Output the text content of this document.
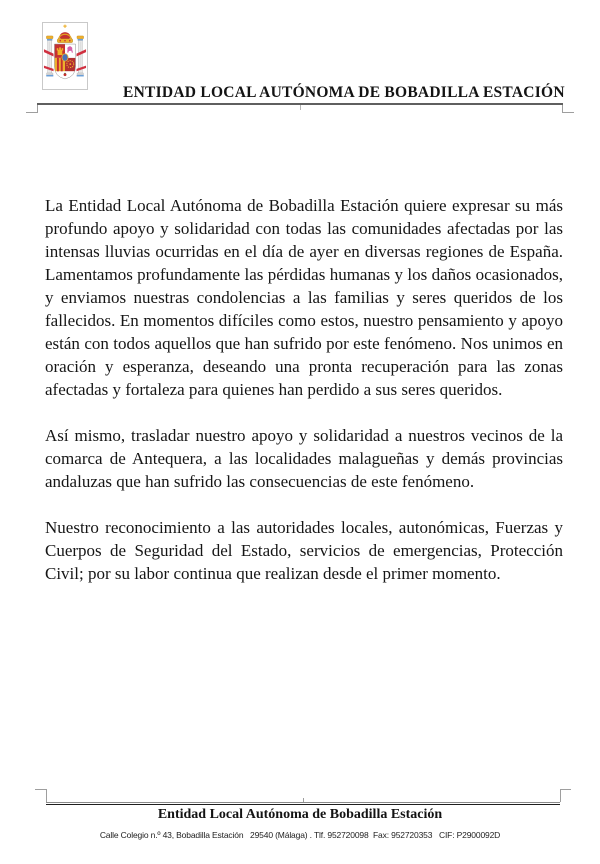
ENTIDAD LOCAL AUTÓNOMA DE BOBADILLA ESTACIÓN

La Entidad Local Autónoma de Bobadilla Estación quiere expresar su más profundo apoyo y solidaridad con todas las comunidades afectadas por las intensas lluvias ocurridas en el día de ayer en diversas regiones de España. Lamentamos profundamente las pérdidas humanas y los daños ocasionados, y enviamos nuestras condolencias a las familias y seres queridos de los fallecidos. En momentos difíciles como estos, nuestro pensamiento y apoyo están con todos aquellos que han sufrido por este fenómeno. Nos unimos en oración y esperanza, deseando una pronta recuperación para las zonas afectadas y fortaleza para quienes han perdido a sus seres queridos.

Así mismo, trasladar nuestro apoyo y solidaridad a nuestros vecinos de la comarca de Antequera, a las localidades malagueñas y demás provincias andaluzas que han sufrido las consecuencias de este fenómeno.

Nuestro reconocimiento a las autoridades locales, autonómicas, Fuerzas y Cuerpos de Seguridad del Estado, servicios de emergencias, Protección Civil; por su labor continua que realizan desde el primer momento.

Entidad Local Autónoma de Bobadilla Estación
Calle Colegio n.º 43, Bobadilla Estación   29540 (Málaga) . Tlf. 952720098  Fax: 952720353   CIF: P2900092D
